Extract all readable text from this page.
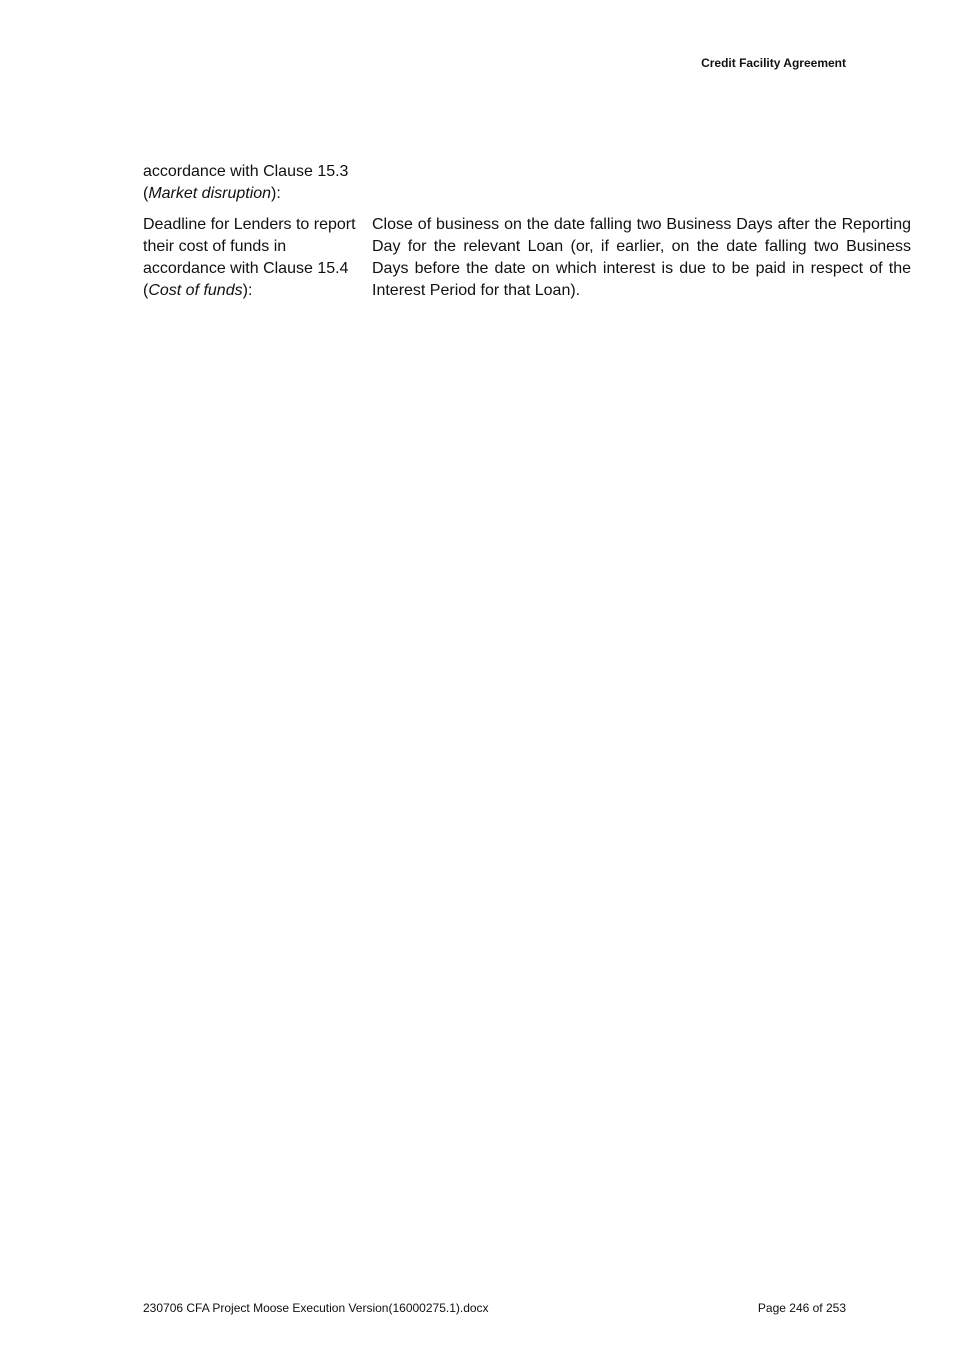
Credit Facility Agreement
accordance with Clause 15.3
(Market disruption):
Deadline for Lenders to report their cost of funds in accordance with Clause 15.4
(Cost of funds):
Close of business on the date falling two Business Days after the Reporting Day for the relevant Loan (or, if earlier, on the date falling two Business Days before the date on which interest is due to be paid in respect of the Interest Period for that Loan).
230706 CFA Project Moose Execution Version(16000275.1).docx	Page 246 of 253
